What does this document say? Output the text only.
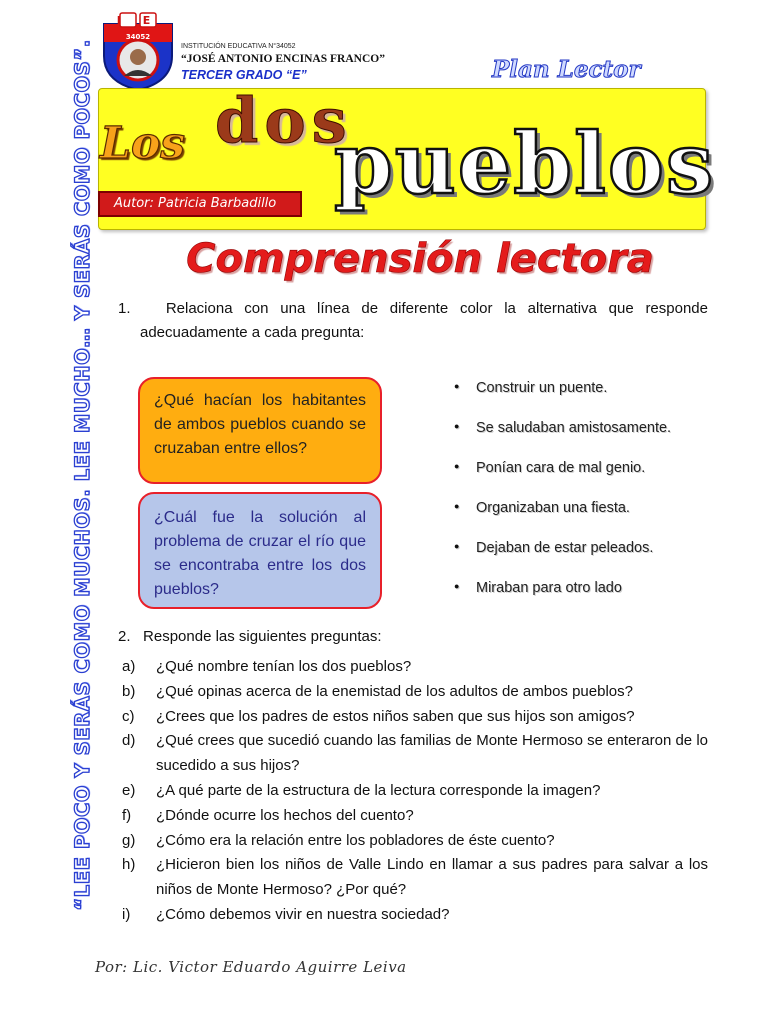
“LEE POCO Y SERÁS COMO MUCHOS. LEE MUCHO… Y SERÁS COMO POCOS”.
I E
34052
INSTITUCIÓN EDUCATIVA N°34052
“JOSÉ ANTONIO ENCINAS FRANCO”
TERCER GRADO “E”	Plan Lector
dos
Los pueblos
Autor: Patricia Barbadillo
Comprensión lectora
1. Relaciona con una línea de diferente color la alternativa que responde
adecuadamente a cada pregunta:
¿Qué hacían los habitantes de ambos pueblos cuando se cruzaban entre ellos?
¿Cuál fue la solución al problema de cruzar el río que se encontraba entre los dos pueblos?
● Construir un puente.
● Se saludaban amistosamente.
● Ponían cara de mal genio.
● Organizaban una fiesta.
● Dejaban de estar peleados.
● Miraban para otro lado
2. Responde las siguientes preguntas:
a) ¿Qué nombre tenían los dos pueblos?
b) ¿Qué opinas acerca de la enemistad de los adultos de ambos pueblos?
c) ¿Crees que los padres de estos niños saben que sus hijos son amigos?
d) ¿Qué crees que sucedió cuando las familias de Monte Hermoso se enteraron de lo sucedido a sus hijos?
e) ¿A qué parte de la estructura de la lectura corresponde la imagen?
f) ¿Dónde ocurre los hechos del cuento?
g) ¿Cómo era la relación entre los pobladores de éste cuento?
h) ¿Hicieron bien los niños de Valle Lindo en llamar a sus padres para salvar a los niños de Monte Hermoso? ¿Por qué?
i) ¿Cómo debemos vivir en nuestra sociedad?
Por: Lic. Victor Eduardo Aguirre Leiva
